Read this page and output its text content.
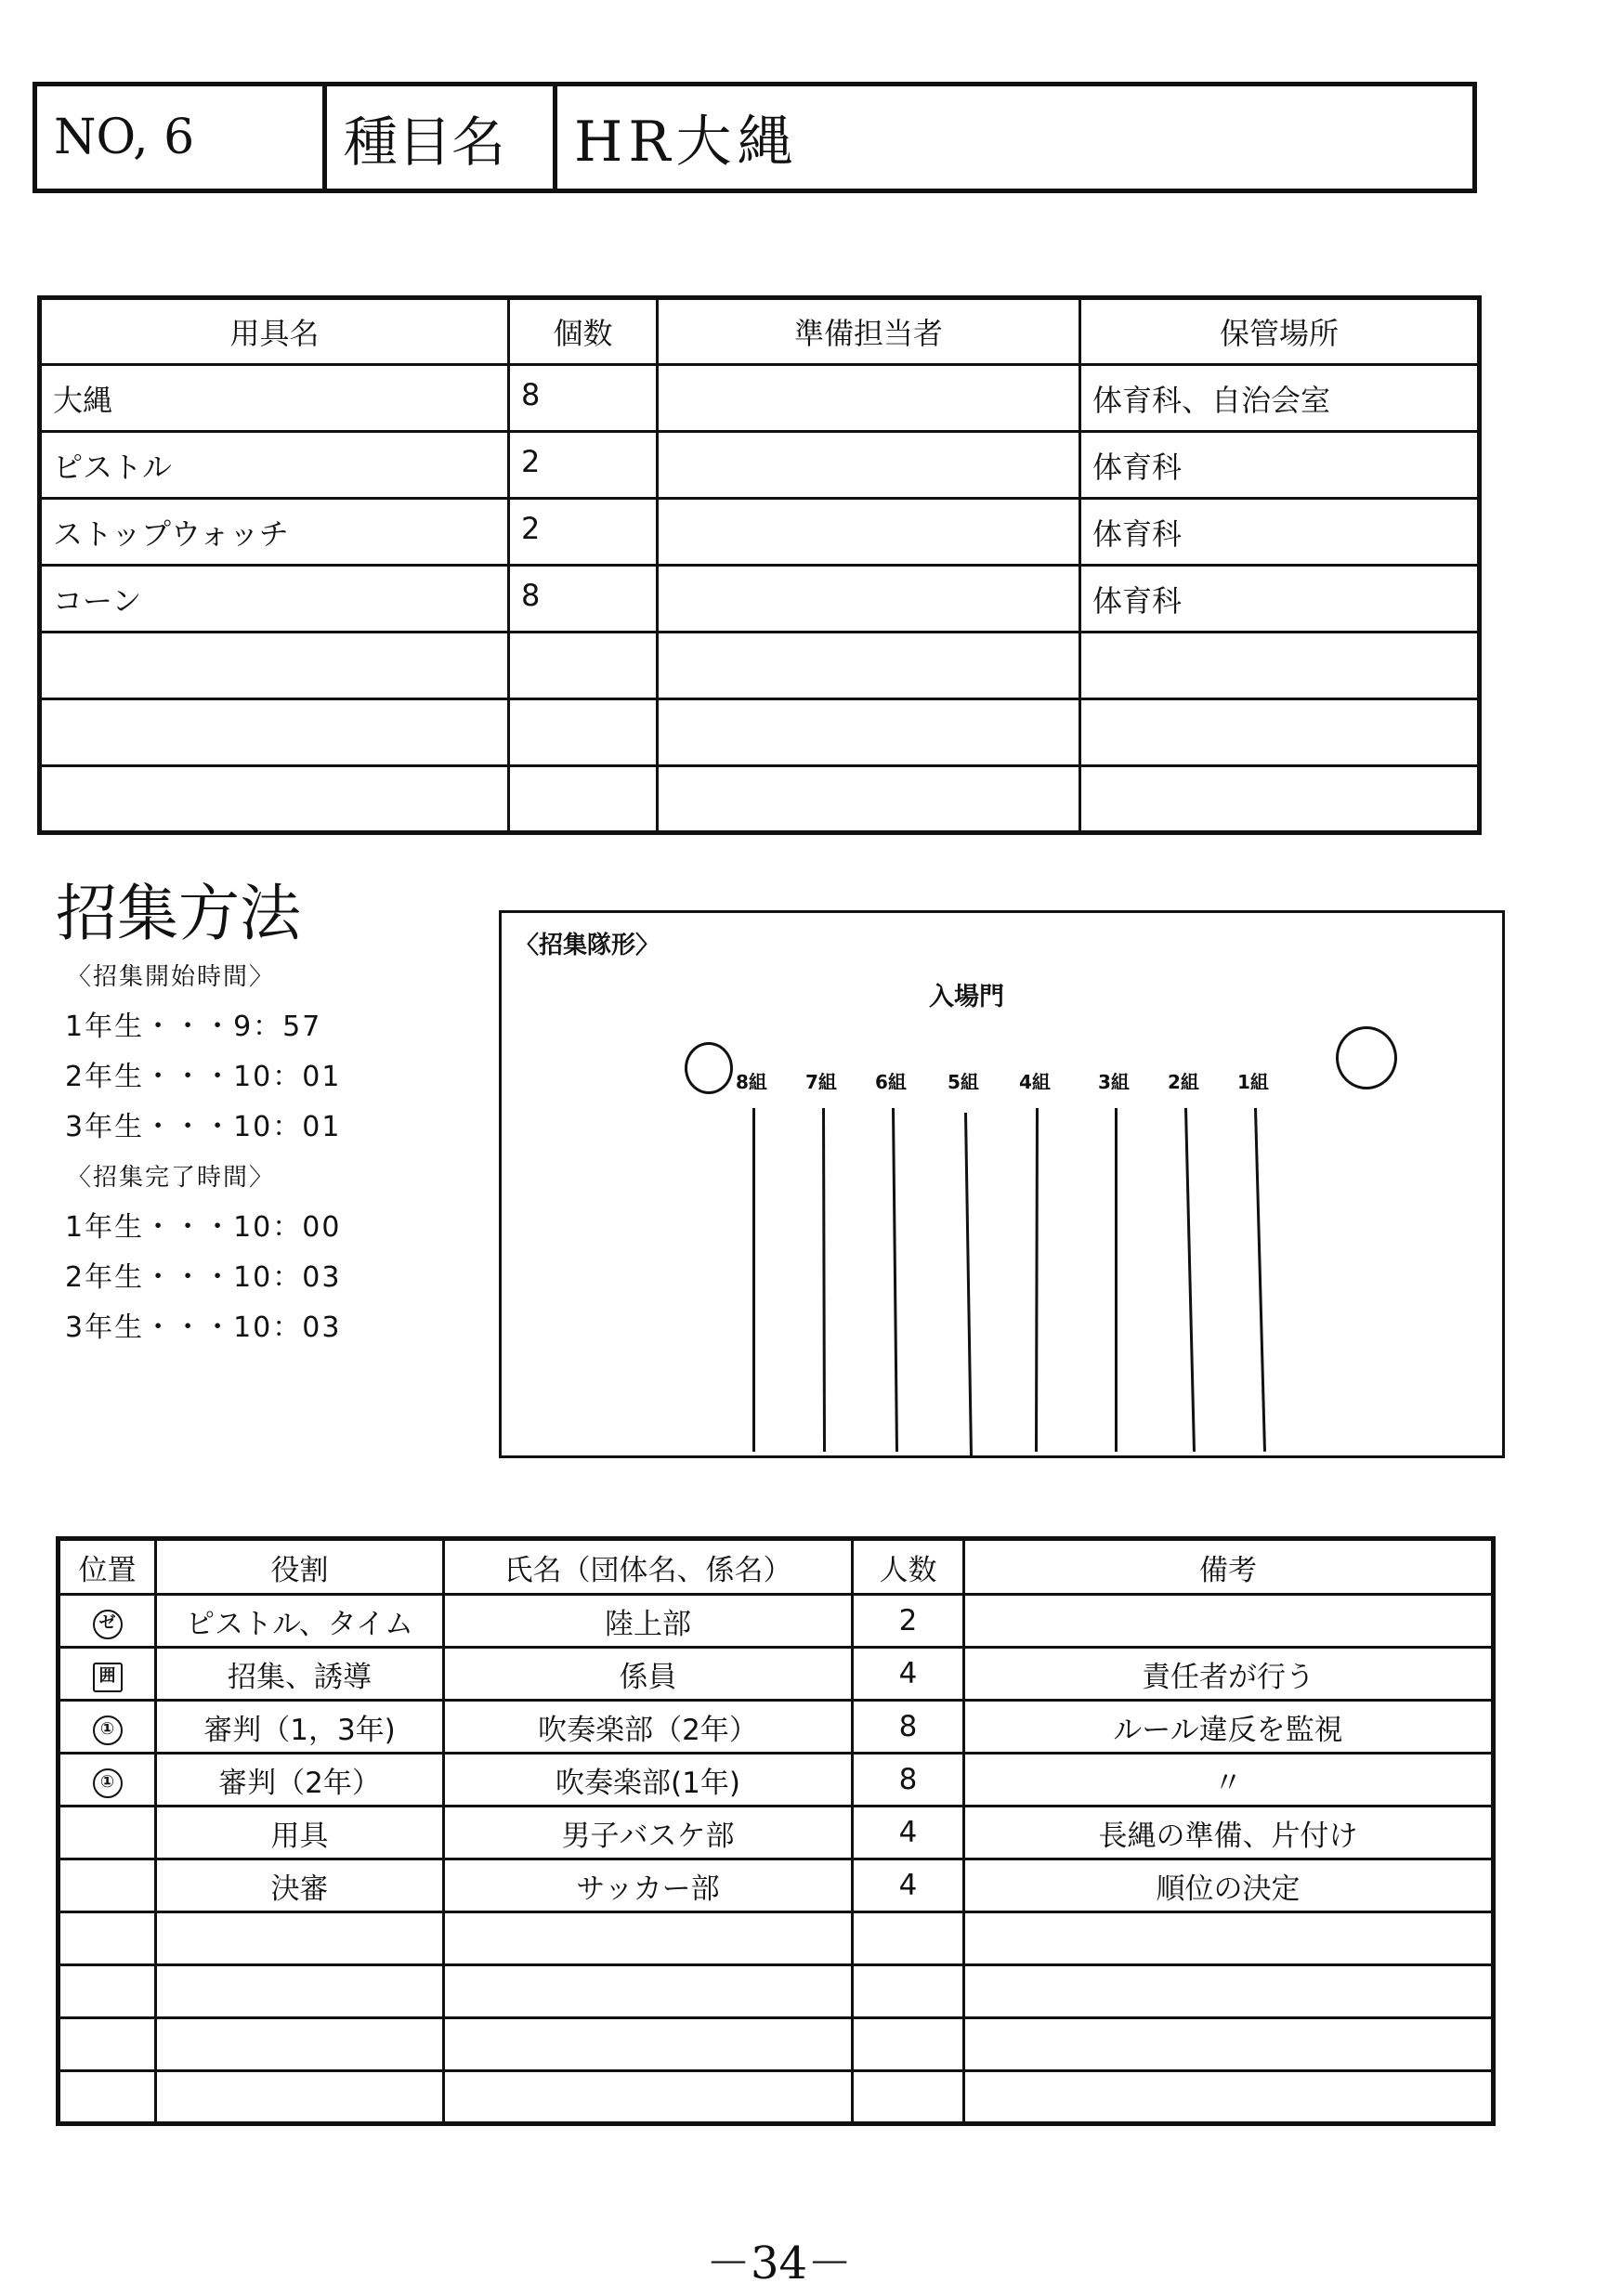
NO, 6	種目名	HR大縄
用具名	個数	準備担当者	保管場所
大縄	8		体育科、自治会室
ピストル	2		体育科
ストップウォッチ	2		体育科
コーン	8		体育科

招集方法
〈招集開始時間〉
1年生・・・9：57
2年生・・・10：01
3年生・・・10：01
〈招集完了時間〉
1年生・・・10：00
2年生・・・10：03
3年生・・・10：03
〈招集隊形〉
入場門
8組 7組 6組 5組 4組	3組 2組 1組
位置	役割	氏名（団体名、係名）	人数	備考
ゼ	ピストル、タイム	陸上部	2	
囲	招集、誘導	係員	4	責任者が行う
①	審判（1，3年)	吹奏楽部（2年）	8	ルール違反を監視
①	審判（2年）	吹奏楽部(1年)	8	〃
	用具	男子バスケ部	4	長縄の準備、片付け
	決審	サッカー部	4	順位の決定

－34－
